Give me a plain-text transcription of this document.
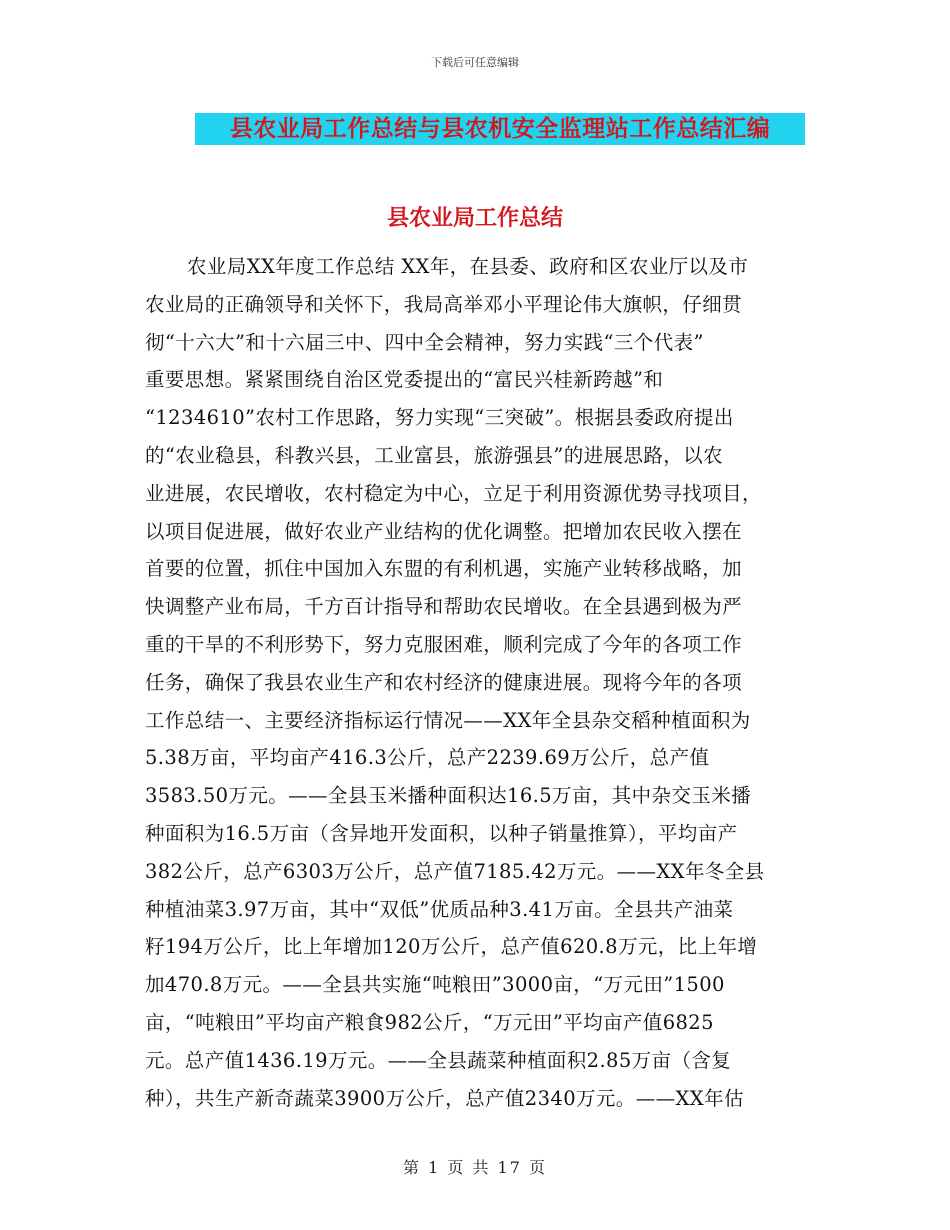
下载后可任意编辑
县农业局工作总结与县农机安全监理站工作总结汇编
县农业局工作总结
农业局XX年度工作总结 XX年，在县委、政府和区农业厅以及市
农业局的正确领导和关怀下，我局高举邓小平理论伟大旗帜，仔细贯
彻“十六大”和十六届三中、四中全会精神，努力实践“三个代表”
重要思想。紧紧围绕自治区党委提出的“富民兴桂新跨越”和
“1234610”农村工作思路，努力实现“三突破”。根据县委政府提出
的“农业稳县，科教兴县，工业富县，旅游强县”的进展思路，以农
业进展，农民增收，农村稳定为中心，立足于利用资源优势寻找项目，
以项目促进展，做好农业产业结构的优化调整。把增加农民收入摆在
首要的位置，抓住中国加入东盟的有利机遇，实施产业转移战略，加
快调整产业布局，千方百计指导和帮助农民增收。在全县遇到极为严
重的干旱的不利形势下，努力克服困难，顺利完成了今年的各项工作
任务，确保了我县农业生产和农村经济的健康进展。现将今年的各项
工作总结一、主要经济指标运行情况——XX年全县杂交稻种植面积为
5.38万亩，平均亩产416.3公斤，总产2239.69万公斤，总产值
3583.50万元。——全县玉米播种面积达16.5万亩，其中杂交玉米播
种面积为16.5万亩（含异地开发面积，以种子销量推算），平均亩产
382公斤，总产6303万公斤，总产值7185.42万元。——XX年冬全县
种植油菜3.97万亩，其中“双低”优质品种3.41万亩。全县共产油菜
籽194万公斤，比上年增加120万公斤，总产值620.8万元，比上年增
加470.8万元。——全县共实施“吨粮田”3000亩，“万元田”1500
亩，“吨粮田”平均亩产粮食982公斤，“万元田”平均亩产值6825
元。总产值1436.19万元。——全县蔬菜种植面积2.85万亩（含复
种），共生产新奇蔬菜3900万公斤，总产值2340万元。——XX年估
第 1 页 共 17 页
